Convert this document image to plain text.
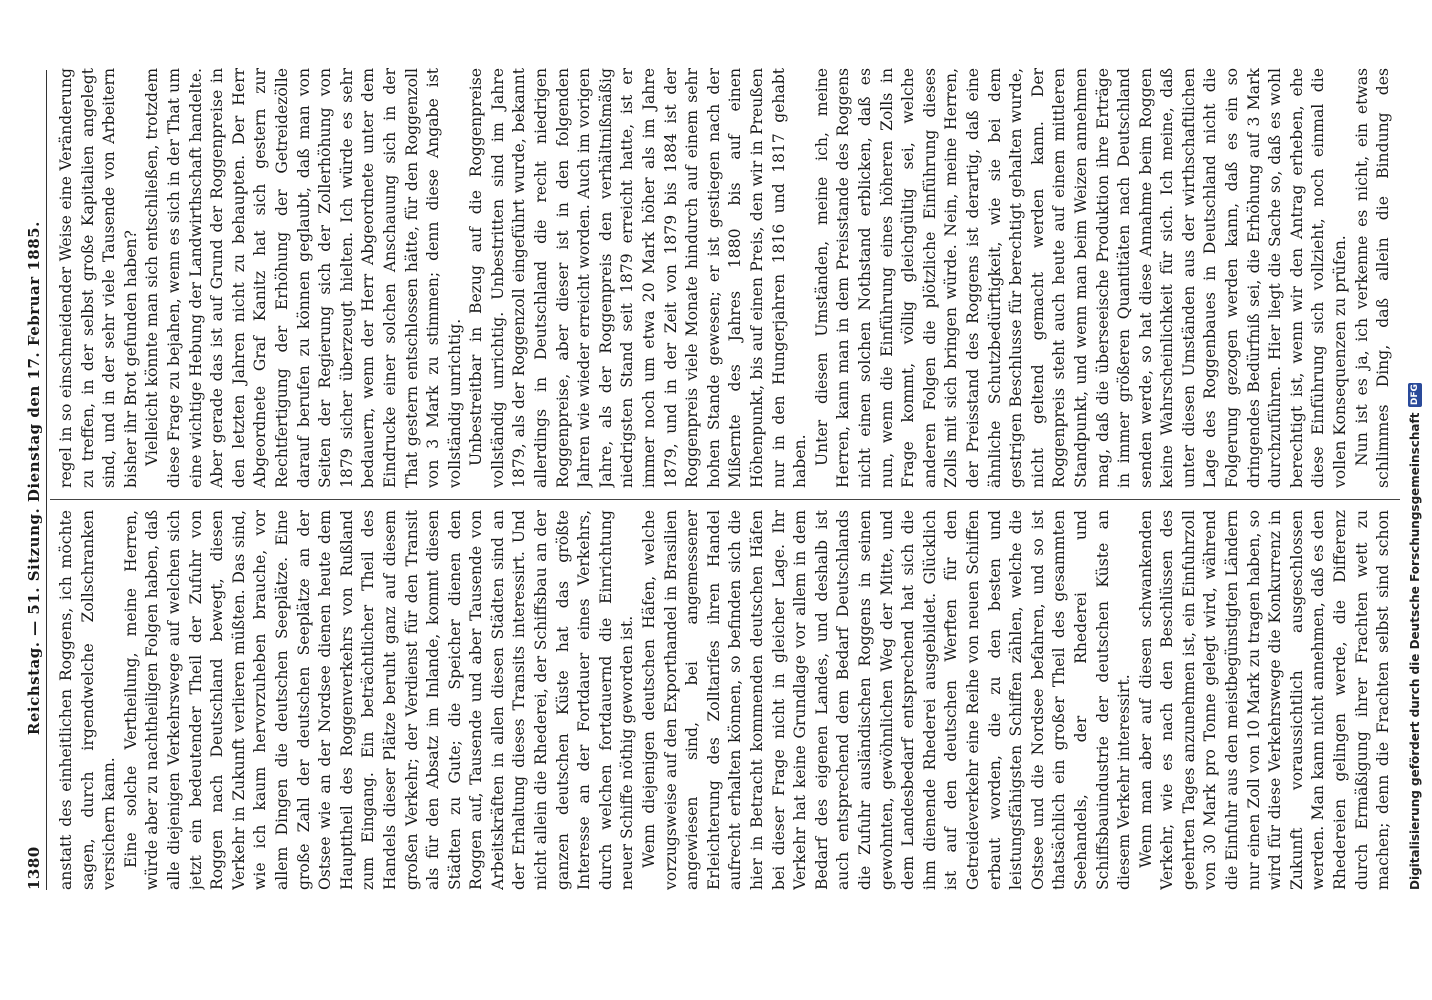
1380
Reichstag. — 51. Sitzung. Dienstag den 17. Februar 1885. anstatt des einheitlichen Roggens, ich möchte sagen, durch irgendwelche Zollschranken versichern kann. Eine solche Vertheilung, meine Herren, würde aber zu nachtheiligen Folgen haben, daß alle diejenigen Verkehrswege auf welchen sich jetzt ein bedeutender Theil der Zufuhr von Roggen nach Deutschland bewegt, diesen Verkehr in Zukunft verlieren müßten. Das sind, wie ich kaum hervorzuheben brauche, vor allem Dingen die deutschen Seeplätze. Eine große Zahl der deutschen Seeplätze an der Ostsee wie an der Nordsee dienen heute dem Haupttheil des Roggenverkehrs von Rußland zum Eingang. Ein beträchtlicher Theil des Handels dieser Plätze beruht ganz auf diesem großen Verkehr; der Verdienst für den Transit als für den Absatz im Inlande, kommt diesen Städten zu Gute; die Speicher dienen den Roggen auf, Tausende und aber Tausende von Arbeitskräften in allen diesen Städten sind an der Erhaltung dieses Transits interessirt. Und nicht allein die Rhederei, der Schiffsbau an der ganzen deutschen Küste hat das größte Interesse an der Fortdauer eines Verkehrs, durch welchen fortdauernd die Einrichtung neuer Schiffe nöthig geworden ist. Wenn diejenigen deutschen Häfen, welche vorzugsweise auf den Exporthandel in Brasilien angewiesen sind, bei angemessener Erleichterung des Zolltarifes ihren Handel aufrecht erhalten können, so befinden sich die hier in Betracht kommenden deutschen Häfen bei dieser Frage nicht in gleicher Lage. Ihr Verkehr hat keine Grundlage vor allem in dem Bedarf des eigenen Landes, und deshalb ist auch entsprechend dem Bedarf Deutschlands die Zufuhr ausländischen Roggens in seinen gewohnten, gewöhnlichen Weg der Mitte, und dem Landesbedarf entsprechend hat sich die ihm dienende Rhederei ausgebildet. Glücklich ist auf den deutschen Werften für den Getreideverkehr eine Reihe von neuen Schiffen erbaut worden, die zu den besten und leistungsfähigsten Schiffen zählen, welche die Ostsee und die Nordsee befahren, und so ist thatsächlich ein großer Theil des gesammten Seehandels, der Rhederei und Schiffsbauindustrie der deutschen Küste an diesem Verkehr interessirt. Wenn man aber auf diesen schwankenden Verkehr, wie es nach den Beschlüssen des geehrten Tages anzunehmen ist, ein Einfuhrzoll von 30 Mark pro Tonne gelegt wird, während die Einfuhr aus den meistbegünstigten Ländern nur einen Zoll von 10 Mark zu tragen haben, so wird für diese Verkehrswege die Konkurrenz in Zukunft voraussichtlich ausgeschlossen werden. Man kann nicht annehmen, daß es den Rhedereien gelingen werde, die Differenz durch Ermäßigung ihrer Frachten wett zu machen; denn die Frachten selbst sind schon

regel in so einschneidender Weise eine Veränderung zu treffen, in der selbst große Kapitalien angelegt sind, und in der sehr viele Tausende von Arbeitern bisher ihr Brot gefunden haben? Vielleicht könnte man sich entschließen, trotzdem diese Frage zu bejahen, wenn es sich in der That um eine wichtige Hebung der Landwirthschaft handelte. Aber gerade das ist auf Grund der Roggenpreise in den letzten Jahren nicht zu behaupten. Der Herr Abgeordnete Graf Kanitz hat sich gestern zur Rechtfertigung der Erhöhung der Getreidezölle darauf berufen zu können geglaubt, daß man von Seiten der Regierung sich der Zollerhöhung von 1879 sicher überzeugt hielten. Ich würde es sehr bedauern, wenn der Herr Abgeordnete unter dem Eindrucke einer solchen Anschauung sich in der That gestern entschlossen hätte, für den Roggenzoll von 3 Mark zu stimmen; denn diese Angabe ist vollständig unrichtig. Unbestreitbar in Bezug auf die Roggenpreise vollständig unrichtig. Unbestritten sind im Jahre 1879, als der Roggenzoll eingeführt wurde, bekannt allerdings in Deutschland die recht niedrigen Roggenpreise, aber dieser ist in den folgenden Jahren wie wieder erreicht worden. Auch im vorigen Jahre, als der Roggenpreis den verhältnißmäßig niedrigsten Stand seit 1879 erreicht hatte, ist er immer noch um etwa 20 Mark höher als im Jahre 1879, und in der Zeit von 1879 bis 1884 ist der Roggenpreis viele Monate hindurch auf einem sehr hohen Stande gewesen; er ist gestiegen nach der Mißernte des Jahres 1880 bis auf einen Höhenpunkt, bis auf einen Preis, den wir in Preußen nur in den Hungerjahren 1816 und 1817 gehabt haben. Unter diesen Umständen, meine ich, meine Herren, kann man in dem Preisstande des Roggens nicht einen solchen Nothstand erblicken, daß es nun, wenn die Einführung eines höheren Zolls in Frage kommt, völlig gleichgültig sei, welche anderen Folgen die plötzliche Einführung dieses Zolls mit sich bringen würde. Nein, meine Herren, der Preisstand des Roggens ist derartig, daß eine ähnliche Schutzbedürftigkeit, wie sie bei dem gestrigen Beschlusse für berechtigt gehalten wurde, nicht geltend gemacht werden kann. Der Roggenpreis steht auch heute auf einem mittleren Standpunkt, und wenn man beim Weizen annehmen mag, daß die überseeische Produktion ihre Erträge in immer größeren Quantitäten nach Deutschland senden werde, so hat diese Annahme beim Roggen keine Wahrscheinlichkeit für sich. Ich meine, daß unter diesen Umständen aus der wirthschaftlichen Lage des Roggenbaues in Deutschland nicht die Folgerung gezogen werden kann, daß es ein so dringendes Bedürfniß sei, die Erhöhung auf 3 Mark durchzuführen. Hier liegt die Sache so, daß es wohl berechtigt ist, wenn wir den Antrag erheben, ehe diese Einführung sich vollzieht, noch einmal die vollen Konsequenzen zu prüfen. Nun ist es ja, ich verkenne es nicht, ein etwas schlimmes Ding, daß allein die Bindung des

Digitalisierung gefördert durch die Deutsche Forschungsgemeinschaft
DFG
